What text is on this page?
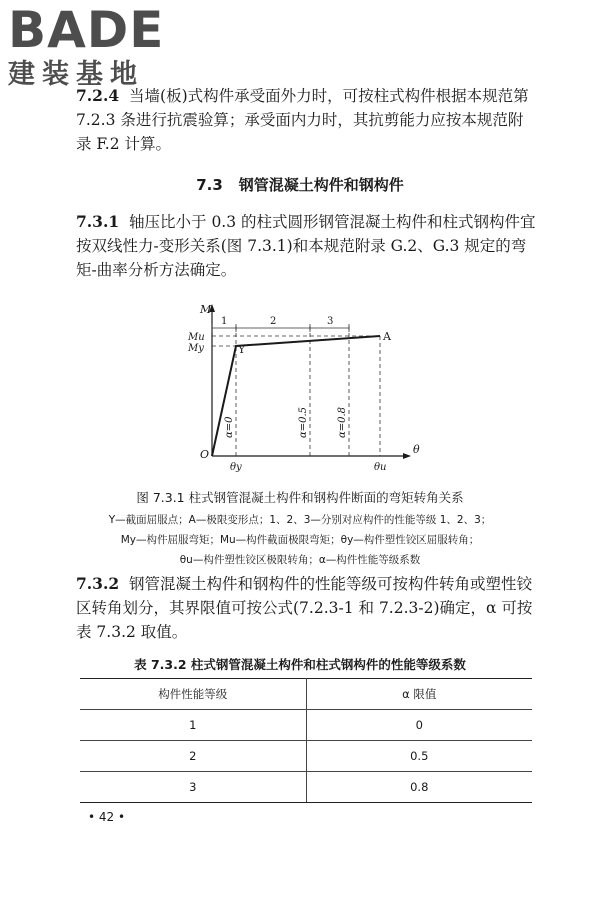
BADE
建装基地

7.2.4 当墙(板)式构件承受面外力时，可按柱式构件根据本规范第 7.2.3 条进行抗震验算；承受面内力时，其抗剪能力应按本规范附录 F.2 计算。

7.3 钢管混凝土构件和钢构件

7.3.1 轴压比小于 0.3 的柱式圆形钢管混凝土构件和柱式钢构件宜按双线性力-变形关系(图 7.3.1)和本规范附录 G.2、G.3 规定的弯矩-曲率分析方法确定。

M
Mu
My	Y
A
O	θ
θy	θu
1	2	3
α=0	α=0.5	α=0.8
图 7.3.1 柱式钢管混凝土构件和钢构件断面的弯矩转角关系
Y—截面屈服点；A—极限变形点；1、2、3—分别对应构件的性能等级 1、2、3；
My—构件屈服弯矩；Mu—构件截面极限弯矩；θy—构件塑性铰区屈服转角；
θu—构件塑性铰区极限转角；α—构件性能等级系数

7.3.2 钢管混凝土构件和钢构件的性能等级可按构件转角或塑性铰区转角划分，其界限值可按公式(7.2.3-1 和 7.2.3-2)确定，α 可按表 7.3.2 取值。

表 7.3.2 柱式钢管混凝土构件和柱式钢构件的性能等级系数
构件性能等级	α 限值
1	0
2	0.5
3	0.8
• 42 •
